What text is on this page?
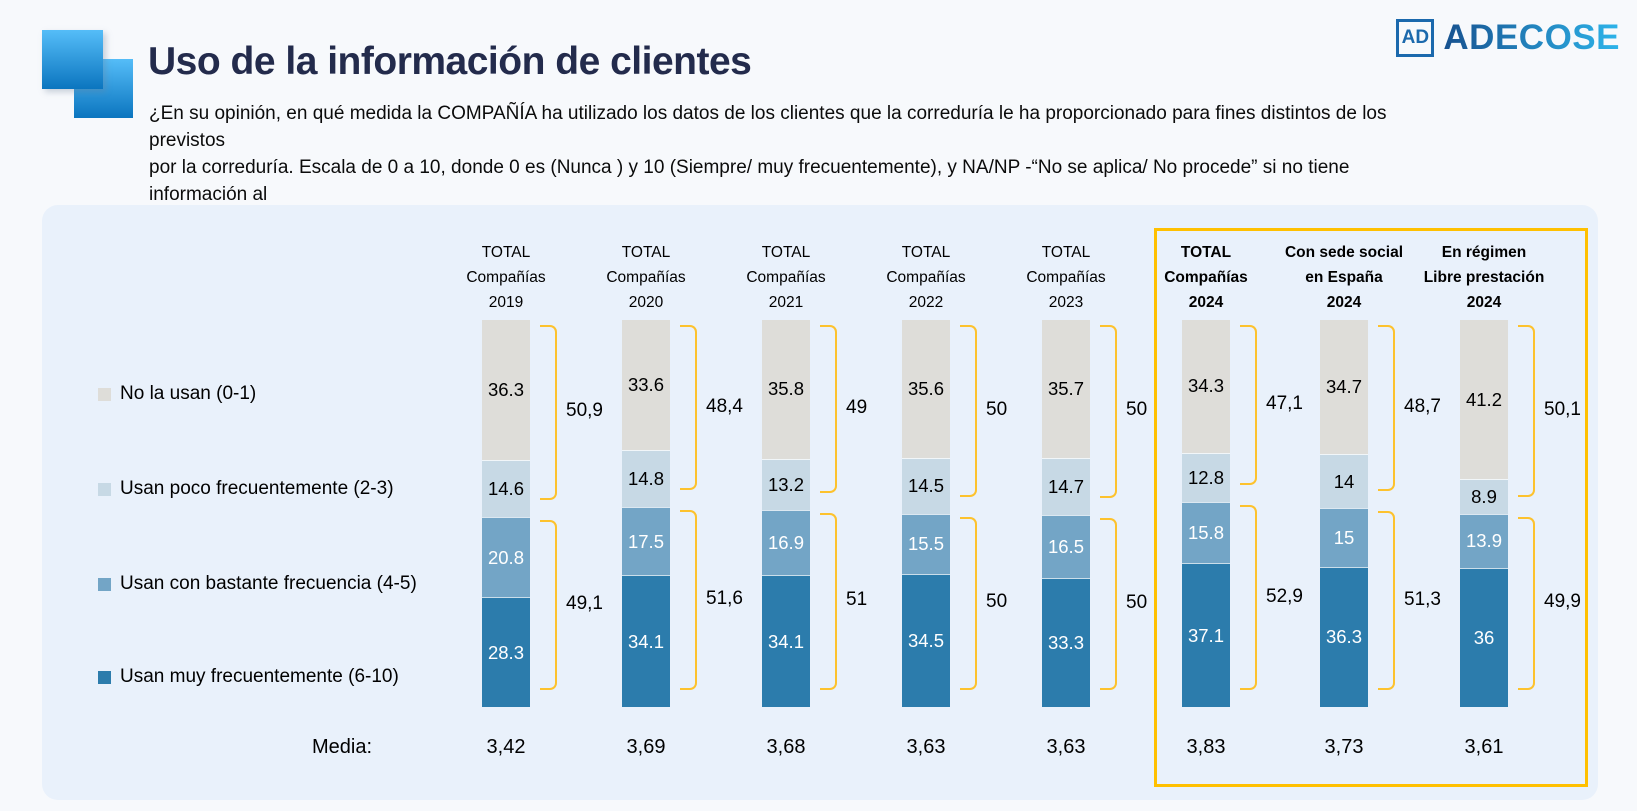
Uso de la información de clientes

¿En su opinión, en qué medida la COMPAÑÍA ha utilizado los datos de los clientes que la correduría le ha proporcionado para fines distintos de los previstos
por la correduría. Escala de 0 a 10, donde 0 es (Nunca ) y 10 (Siempre/ muy frecuentemente), y NA/NP -“No se aplica/ No procede” si no tiene información al

AD ADECOSE
No la usan (0-1)
Usan poco frecuentemente (2-3)
Usan con bastante frecuencia (4-5)
Usan muy frecuentemente (6-10)
TOTAL
Compañías
2019
36.3
14.6
20.8
28.3
50,9
49,1
3,42
TOTAL
Compañías
2020
33.6
14.8
17.5
34.1
48,4
51,6
3,69
TOTAL
Compañías
2021
35.8
13.2
16.9
34.1
49
51
3,68
TOTAL
Compañías
2022
35.6
14.5
15.5
34.5
50
50
3,63
TOTAL
Compañías
2023
35.7
14.7
16.5
33.3
50
50
3,63
TOTAL
Compañías
2024
34.3
12.8
15.8
37.1
47,1
52,9
3,83
Con sede social
en España
2024
34.7
14
15
36.3
48,7
51,3
3,73
En régimen
Libre prestación
2024
41.2
8.9
13.9
36
50,1
49,9
3,61
Media:
